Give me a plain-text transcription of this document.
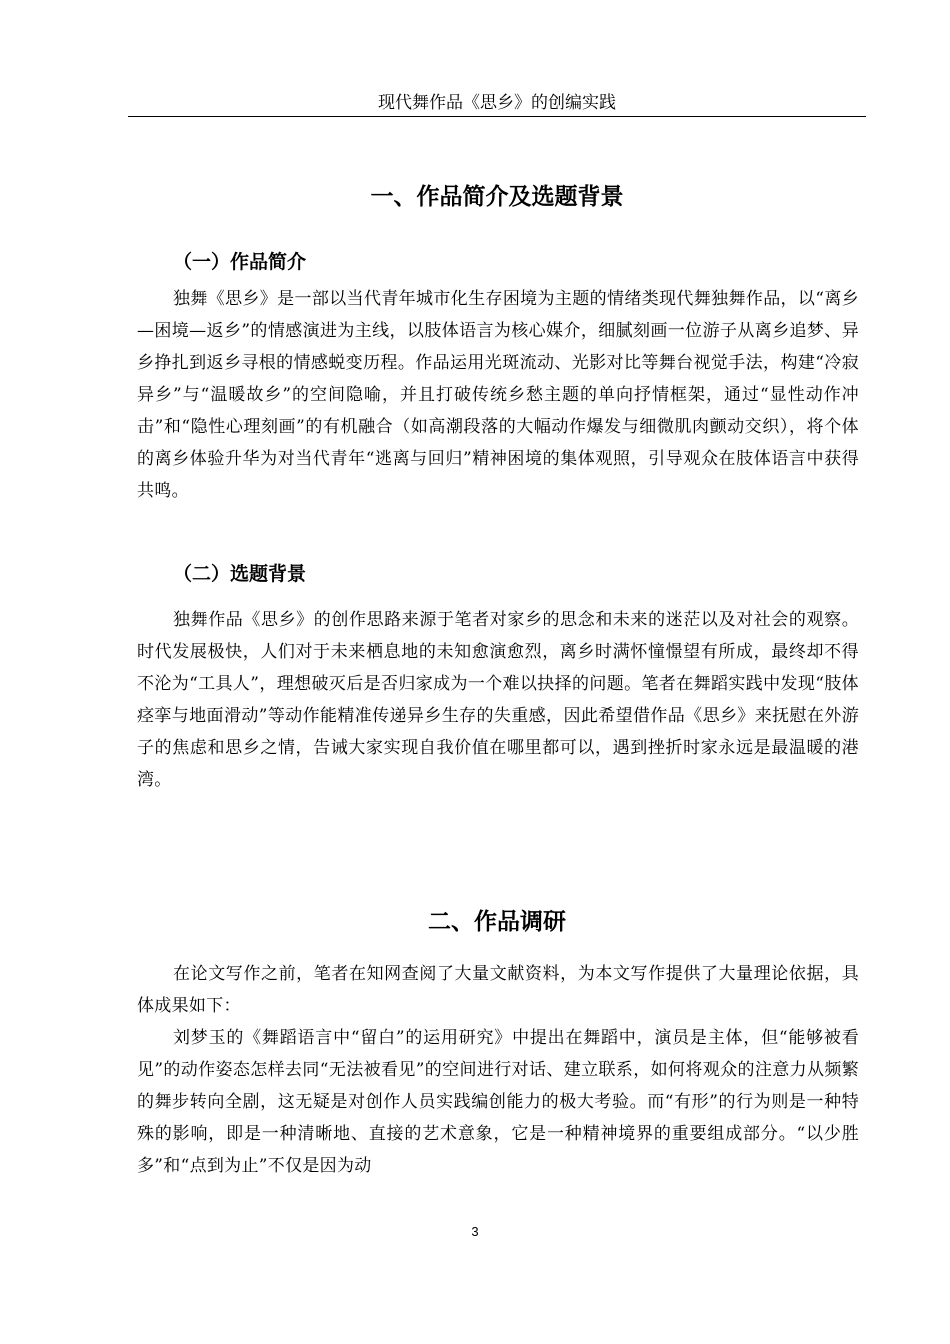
现代舞作品《思乡》的创编实践
一、作品简介及选题背景
（一）作品简介

独舞《思乡》是一部以当代青年城市化生存困境为主题的情绪类现代舞独舞作品，以“离乡—困境—返乡”的情感演进为主线，以肢体语言为核心媒介，细腻刻画一位游子从离乡追梦、异乡挣扎到返乡寻根的情感蜕变历程。作品运用光斑流动、光影对比等舞台视觉手法，构建“冷寂异乡”与“温暖故乡”的空间隐喻，并且打破传统乡愁主题的单向抒情框架，通过“显性动作冲击”和“隐性心理刻画”的有机融合（如高潮段落的大幅动作爆发与细微肌肉颤动交织），将个体的离乡体验升华为对当代青年“逃离与回归”精神困境的集体观照，引导观众在肢体语言中获得共鸣。

（二）选题背景

独舞作品《思乡》的创作思路来源于笔者对家乡的思念和未来的迷茫以及对社会的观察。时代发展极快，人们对于未来栖息地的未知愈演愈烈，离乡时满怀憧憬望有所成，最终却不得不沦为“工具人”，理想破灭后是否归家成为一个难以抉择的问题。笔者在舞蹈实践中发现“肢体痉挛与地面滑动”等动作能精准传递异乡生存的失重感，因此希望借作品《思乡》来抚慰在外游子的焦虑和思乡之情，告诫大家实现自我价值在哪里都可以，遇到挫折时家永远是最温暖的港湾。

二、作品调研

在论文写作之前，笔者在知网查阅了大量文献资料，为本文写作提供了大量理论依据，具体成果如下：

刘梦玉的《舞蹈语言中“留白”的运用研究》中提出在舞蹈中，演员是主体，但“能够被看见”的动作姿态怎样去同“无法被看见”的空间进行对话、建立联系，如何将观众的注意力从频繁的舞步转向全剧，这无疑是对创作人员实践编创能力的极大考验。而“有形”的行为则是一种特殊的影响，即是一种清晰地、直接的艺术意象，它是一种精神境界的重要组成部分。“以少胜多”和“点到为止”不仅是因为动

3
